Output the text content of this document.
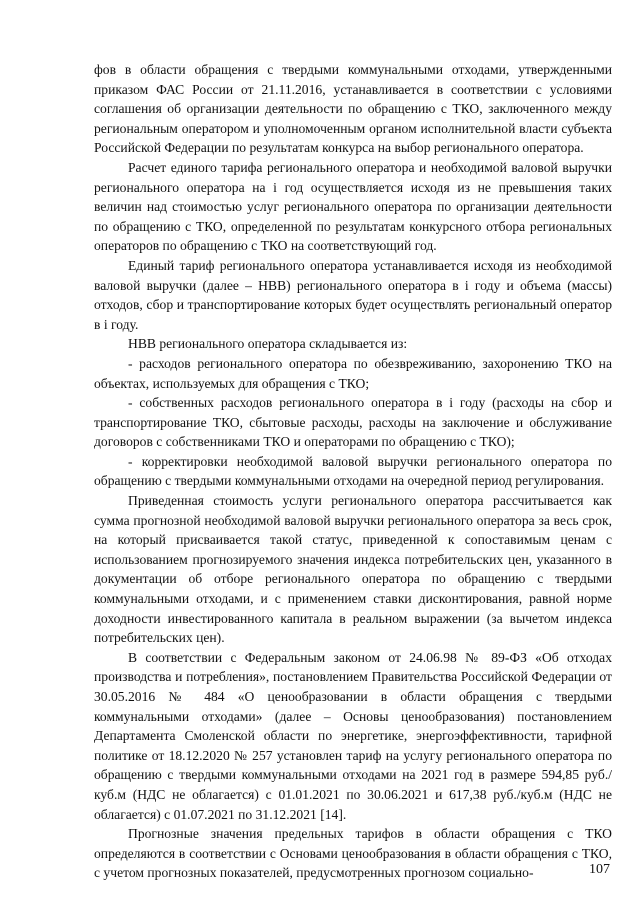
фов в области обращения с твердыми коммунальными отходами, утвержденными приказом ФАС России от 21.11.2016, устанавливается в соответствии с условиями соглашения об организации деятельности по обращению с ТКО, заключенного между региональным оператором и уполномоченным органом исполнительной власти субъекта Российской Федерации по результатам конкурса на выбор регионального оператора.

Расчет единого тарифа регионального оператора и необходимой валовой выручки регионального оператора на i год осуществляется исходя из не превышения таких величин над стоимостью услуг регионального оператора по организации деятельности по обращению с ТКО, определенной по результатам конкурсного отбора региональных операторов по обращению с ТКО на соответствующий год.

Единый тариф регионального оператора устанавливается исходя из необходимой валовой выручки (далее – НВВ) регионального оператора в i году и объема (массы) отходов, сбор и транспортирование которых будет осуществлять региональный оператор в i году.

НВВ регионального оператора складывается из:

- расходов регионального оператора по обезвреживанию, захоронению ТКО на объектах, используемых для обращения с ТКО;

- собственных расходов регионального оператора в i году (расходы на сбор и транспортирование ТКО, сбытовые расходы, расходы на заключение и обслуживание договоров с собственниками ТКО и операторами по обращению с ТКО);

- корректировки необходимой валовой выручки регионального оператора по обращению с твердыми коммунальными отходами на очередной период регулирования.

Приведенная стоимость услуги регионального оператора рассчитывается как сумма прогнозной необходимой валовой выручки регионального оператора за весь срок, на который присваивается такой статус, приведенной к сопоставимым ценам с использованием прогнозируемого значения индекса потребительских цен, указанного в документации об отборе регионального оператора по обращению с твердыми коммунальными отходами, и с применением ставки дисконтирования, равной норме доходности инвестированного капитала в реальном выражении (за вычетом индекса потребительских цен).

В соответствии с Федеральным законом от 24.06.98 № 89-ФЗ «Об отходах производства и потребления», постановлением Правительства Российской Федерации от 30.05.2016 № 484 «О ценообразовании в области обращения с твердыми коммунальными отходами» (далее – Основы ценообразования) постановлением Департамента Смоленской области по энергетике, энергоэффективности, тарифной политике от 18.12.2020 № 257 установлен тариф на услугу регионального оператора по обращению с твердыми коммунальными отходами на 2021 год в размере 594,85 руб./куб.м (НДС не облагается) с 01.01.2021 по 30.06.2021 и 617,38 руб./куб.м (НДС не облагается) с 01.07.2021 по 31.12.2021 [14].

Прогнозные значения предельных тарифов в области обращения с ТКО определяются в соответствии с Основами ценообразования в области обращения с ТКО, с учетом прогнозных показателей, предусмотренных прогнозом социально-	107
